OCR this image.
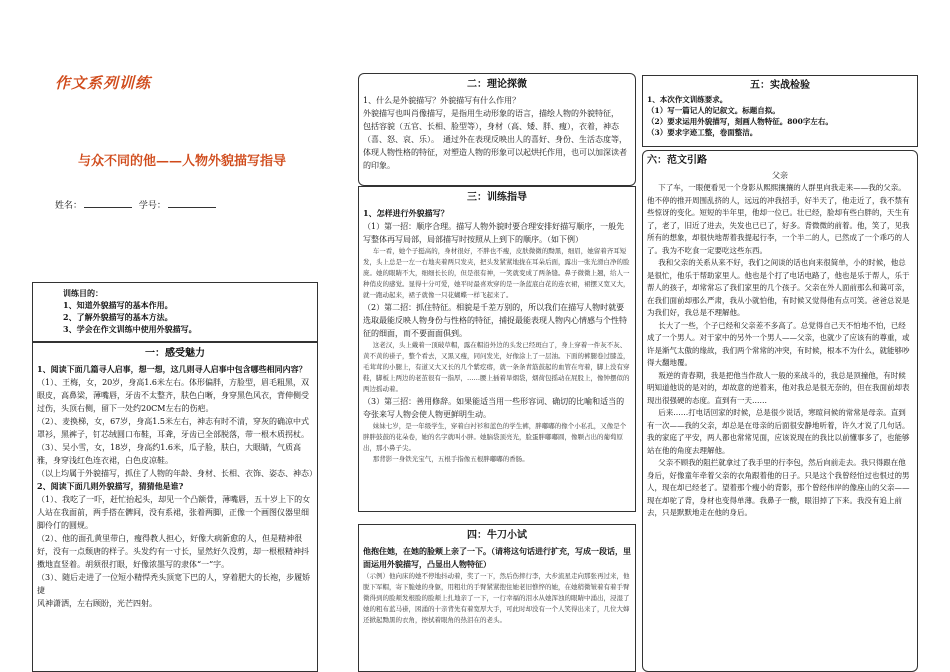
作文系列训练
与众不同的他——人物外貌描写指导
姓名：	学号：
训练目的：
1、知道外貌描写的基本作用。
2、了解外貌描写的基本方法。
3、学会在作文训练中使用外貌描写。
一：感受魅力

1、阅读下面几篇寻人启事，想一想，这几则寻人启事中包含哪些相同内容？

（1）、王梅，女，20岁，身高1.6米左右。体形偏胖，方脸型，眉毛粗黑，双眼皮，高鼻梁，薄嘴唇，牙齿不太整齐，肤色白晰，身穿黑色风衣，背伸侧受过伤，头顶右侧，留下一处约20CM左右的伤疤。

（2）、麦换梯，女，67岁，身高1.5米左右，神志有时不清，穿灰的确凉中式罩衫，黑裤子，钉芯绒圆口布鞋，耳聋，牙齿已全部脱落，带一根木质拐杖。

（3）、吴小雪，女，18岁，身高约1.6米，瓜子脸，肤白，大眼睛，气质高雅，身穿浅红色连衣裙，白色皮凉鞋。

（以上均属于外貌描写，抓住了人物的年龄、身材、长相、衣饰、姿态、神态）

2、阅读下面几则外貌描写，猜猜他是谁?

（1）、我吃了一吓，赶忙抬起头，却见一个凸额骨，薄嘴唇，五十岁上下的女人站在我面前，两手搭在髀间，没有系裙，张着两脚，正像一个画图仪器里细脚伶仃的圆规。

（2）、他的面孔黄里带白，瘦得教人担心，好像大病新愈的人，但是精神很好，没有一点颓唐的样子。头发约有一寸长，显然好久没剪，却一根根精神抖擞地直竖着。胡须很打眼，好像浓墨写的隶体“一”字。

（3）、随后走进了一位短小精悍秃头顶宽下巴的人，穿着肥大的长袍，步履矫捷

风神潇洒，左右顾盼，光芒四射。

二：理论探微

1、什么是外貌描写？外貌描写有什么作用？

外貌描写也叫肖像描写，是指用生动形象的语言，描绘人物的外貌特征，

包括容貌（五官、长相、脸型等），身材（高、矮、胖、瘦），衣着，神态（喜、怒、哀、乐）。　通过外在表现反映出人的喜好、身份、生活态度等，体现人物性格的特征，对塑造人物的形象可以起烘托作用，也可以加深读者的印象。

三：训练指导

1、怎样进行外貌描写？

（1）第一招：顺序合理。描写人物外貌时要合理安排好描写顺序，一般先写整体再写局部，局部描写时按照从上到下的顺序。（如下例）

车一看，她个子挺高的，身材很好，不胖也不瘦，皮肤微微的黝黑，细眉，她留着齐耳短发，头上总是一左一右地夹着两只发夹，把头发紧紧地拢在耳朵后面，露出一张光滑白净的脸庞。她的眼睛不大，细细长长的，但是很有神，一笑就变成了两条缝。鼻子微微上翘，给人一种俏皮的感觉。显得十分可爱，她平时最喜欢穿的是一条蓝底白花的连衣裙，裙摆又宽又大，就一跑动起来，裙子就像一只花蝴蝶一样飞起来了。

（2）第二招：抓住特征。相貌是千差万别的，所以我们在描写人物时就要选取最能反映人物身份与性格的特征，捕捉最能表现人物内心情感与个性特征的细面，而不要面面俱到。

这老汉，头上戴着一顶破草帽，露在帽沿外边的头发已经斑白了，身上穿着一件灰不灰、黄不黄的褂子，整个看去，又黑又瘦，同问发光，好像涂上了一层油。下面的裤腿卷过膝盖，毛茸茸的小腿上，有道又大又长的几个紫疙瘩，就一条条青筋鼓起的血管在弯着，脚上没有穿鞋，脚板上两边的老茧很有一指厚，……腰上插着旱烟袋，烟荷包摇动在屁股上，像钟摆似的两边摇动着。

（3）第三招：善用修辞。如果能适当用一些形容词、确切的比喻和适当的夸张来写人物会使人物更鲜明生动。

妹妹七岁，是一年级学生，穿着白衬衫和蓝色的学生裤，胖嘟嘟的像个小私孔，又像是个胖胖鼓鼓的花朵卷，她的名字就叫小胖。她脑袋顶亮光，脸蛋胖嘟嘟圆，像颗占出的葡萄原出，那小鼻子尖。

那背影一身铁光宝气，五根手指像五根胖嘟嘟的香肠。

四：牛刀小试

他抱住她，在她的脸颊上亲了一下。（请将这句话进行扩充，写成一段话，里面运用外貌描写，凸显出人物特征）

（示例）他向床的她不停地抖动着，奖了一下，然后伤摔行李，大步流星走向那张再过来，他脱下军帽，寄下脆她的身躯，用粗壮的手臂紧紧抱住她老旧憔悴的她，在她稍微皱着有着手臂微得到的脸颊发根脸的脸颊上扎地亲了一下，一行幸福的泪水从她浑浊的眼睛中涌出，浸湿了她的粗布蓝马褂，困涌的十亲背先有着宽厚大手，可此时却没有一个人笑得出来了，几位大婶还掀起黝黑的衣角，擦拭着眼角的热泪在的老头。

五：实战检验
1、本次作文训练要求。
（1）写一篇记人的记叙文。标题自拟。
（2）要求运用外貌描写，刻画人物特征。800字左右。
（3）要求字迹工整，卷面整洁。
六：范文引路
父亲

下了车，一眼便看见一个身影从熙熙攘攘的人群里向我走来——我的父亲。他不停的推开周围乱挤的人，远远的冲我招手，好半天了，他走近了，我不禁有些惊讶的变化。短短的半年里，他却一位已。壮已经，脸却有些白胖的，天生有了，老了，旧近了进去，失发也已已了，好多。背微微的前着。他，笑了，见我所有的想象，却很快地帮着我提起行李，一个半二的人，已然成了一个乖巧的人了。我为不吃食一定要吃这些东西。

我和父亲的关系从来不好，我们之间谈的话也向来很简单，小的时候，他总是很忙，他乐于帮助家里人。他也是个打了电话电路了，他也是乐于帮人，乐于帮人的孩子，却常常忘了我们家里的几个孩子。父亲在外人面前那么和蔼可亲，在我们面前却那么严肃，我从小就怕他，有时候又觉得他有点可笑。爸爸总说是为我们好，我总是不理解他。

长大了一些，个子已经和父亲差不多高了。总觉得自己天不怕地不怕，已经成了一个男人。对于家中的另外一个男人——父亲，也就少了应该有的尊重，或许是渐气太傲的缘故，我们两个常常的冲突，有时候，根本不为什么，就能够吵得大翻地覆。

叛逆的青春期，我是把他当作敌人一般的来战斗的，我总是顶撞他，有时候明知道他说的是对的，却故意的逆着来，他对我总是很无奈的，但在我面前却表现出很强硬的态度。直到有一天……

后来……打电话回家的时候，总是很少说话，寒暄问候的常常是母亲。直到有一次——我的父亲，却总是在母亲的后面很安静地听着，许久才说了几句话。我的家庭了平安，两人都也常常见面，应该说现在的我比以前懂事多了，也能够站在他的角度去理解他。

父亲不顾我的阻拦就拿过了我手里的行李包，然后向前走去。我只得跟在他身后，好像童年牵着父亲的衣角跟着他的日子。只是这个我曾经怕过也恨过的男人，现在却已经老了。望着那个瘦小的背影，那个曾经伟岸的像座山的父亲——现在却驼了背，身材也变得单薄。我鼻子一酸，眼泪掉了下来。我没有追上前去，只是默默地走在他的身后。
